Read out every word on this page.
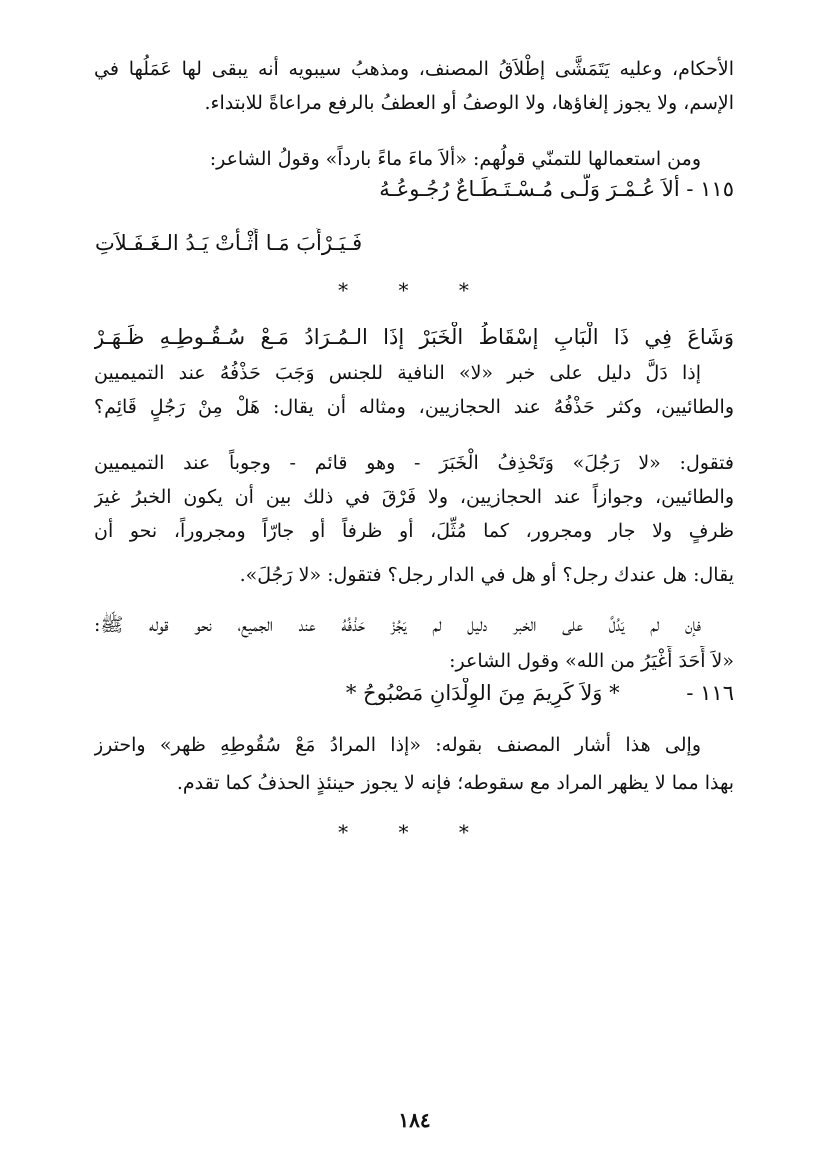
الأحكام، وعليه يَتَمَشَّى إطْلاَقُ المصنف، ومذهبُ سيبويه أنه يبقى لها عَمَلُها في
الإسم، ولا يجوز إلغاؤها، ولا الوصفُ أو العطفُ بالرفع مراعاةً للابتداء.
ومن استعمالها للتمنّي قولُهم: «ألاَ ماءَ ماءً بارداً» وقولُ الشاعر:
١١٥ - ألاَ عُـمْـرَ وَلّـى مُـسْـتَـطَـاعٌ رُجُـوعُـهُ
فَـيَـرْأَبَ مَـا أَثْـأَتْ يَـدُ الـغَـفَـلاَتِ
* * *
وَشَاعَ فِي ذَا الْبَابِ إسْقَاطُ الْخَبَرْ إذَا الـمُـرَادُ مَـعْ سُـقُـوطِـهِ ظَـهَـرْ
إذا دَلَّ دليل على خبر «لا» النافية للجنس وَجَبَ حَذْفُهُ عند التميميين
والطائيين، وكثر حَذْفُهُ عند الحجازيين، ومثاله أن يقال: هَلْ مِنْ رَجُلٍ قَائِم؟
فتقول: «لا رَجُلَ» وَتَحْذِفُ الْخَبَرَ - وهو قائم - وجوباً عند التميميين
والطائيين، وجوازاً عند الحجازيين، ولا فَرْقَ في ذلك بين أن يكون الخبرُ غيرَ
ظرفٍ ولا جار ومجرور، كما مُثِّلَ، أو ظرفاً أو جارّاً ومجروراً، نحو أن
يقال: هل عندك رجل؟ أو هل في الدار رجل؟ فتقول: «لا رَجُلَ».
فإن لم يَدُلَّ على الخبر دليل لم يَجُزْ حَذْفُهُ عند الجميع، نحو قوله ﷺ:
«لاَ أَحَدَ أَغْيَرُ من الله» وقول الشاعر:
١١٦ -          * وَلاَ كَرِيمَ مِنَ الوِلْدَانِ مَصْبُوحُ *
وإلى هذا أشار المصنف بقوله: «إذا المرادُ مَعْ سُقُوطِهِ ظهر» واحترز
بهذا مما لا يظهر المراد مع سقوطه؛ فإنه لا يجوز حينئذٍ الحذفُ كما تقدم.
* * *
١٨٤
